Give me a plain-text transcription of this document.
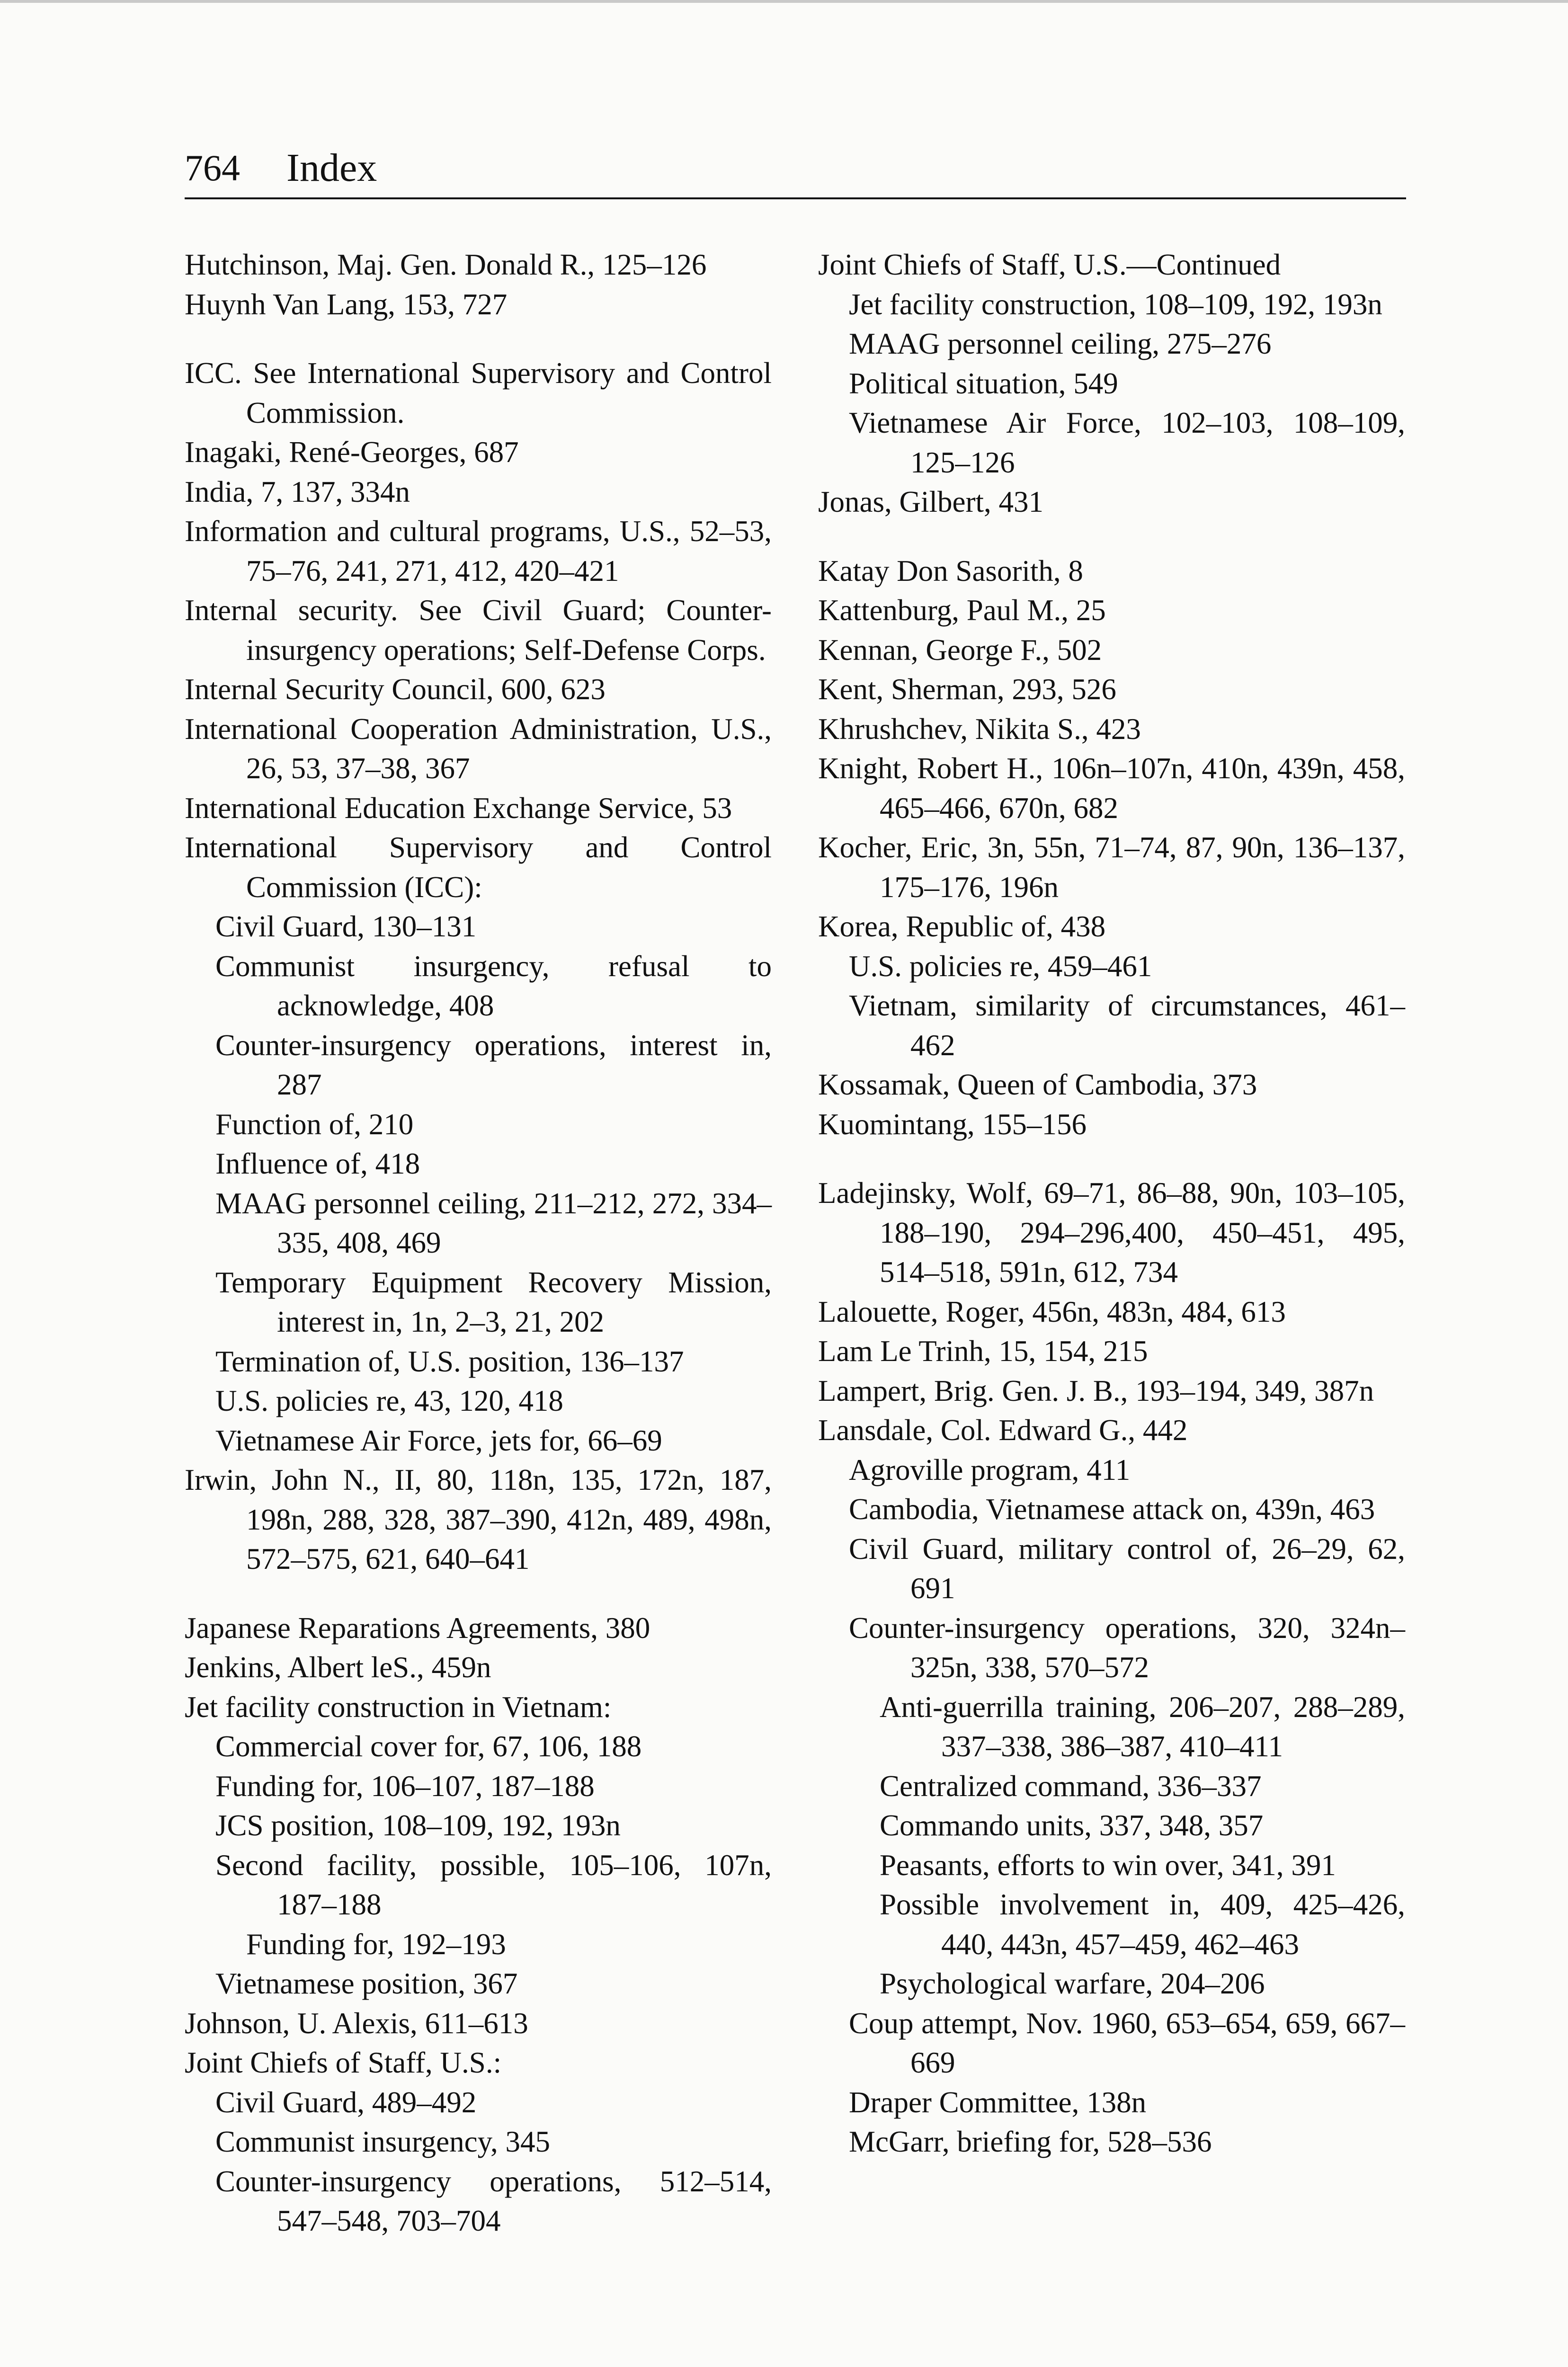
764 Index
Hutchinson, Maj. Gen. Donald R., 125–126
Huynh Van Lang, 153, 727
ICC. See International Supervisory and Control Commission.
Inagaki, René-Georges, 687
India, 7, 137, 334n
Information and cultural programs, U.S., 52–53, 75–76, 241, 271, 412, 420–421
Internal security. See Civil Guard; Counter-insurgency operations; Self-Defense Corps.
Internal Security Council, 600, 623
International Cooperation Administration, U.S., 26, 53, 37–38, 367
International Education Exchange Service, 53
International Supervisory and Control Commission (ICC):
Civil Guard, 130–131
Communist insurgency, refusal to acknowledge, 408
Counter-insurgency operations, interest in, 287
Function of, 210
Influence of, 418
MAAG personnel ceiling, 211–212, 272, 334–335, 408, 469
Temporary Equipment Recovery Mission, interest in, 1n, 2–3, 21, 202
Termination of, U.S. position, 136–137
U.S. policies re, 43, 120, 418
Vietnamese Air Force, jets for, 66–69
Irwin, John N., II, 80, 118n, 135, 172n, 187, 198n, 288, 328, 387–390, 412n, 489, 498n, 572–575, 621, 640–641
Japanese Reparations Agreements, 380
Jenkins, Albert leS., 459n
Jet facility construction in Vietnam:
Commercial cover for, 67, 106, 188
Funding for, 106–107, 187–188
JCS position, 108–109, 192, 193n
Second facility, possible, 105–106, 107n, 187–188
Funding for, 192–193
Vietnamese position, 367
Johnson, U. Alexis, 611–613
Joint Chiefs of Staff, U.S.:
Civil Guard, 489–492
Communist insurgency, 345
Counter-insurgency operations, 512–514, 547–548, 703–704
Joint Chiefs of Staff, U.S.—Continued
Jet facility construction, 108–109, 192, 193n
MAAG personnel ceiling, 275–276
Political situation, 549
Vietnamese Air Force, 102–103, 108–109, 125–126
Jonas, Gilbert, 431
Katay Don Sasorith, 8
Kattenburg, Paul M., 25
Kennan, George F., 502
Kent, Sherman, 293, 526
Khrushchev, Nikita S., 423
Knight, Robert H., 106n–107n, 410n, 439n, 458, 465–466, 670n, 682
Kocher, Eric, 3n, 55n, 71–74, 87, 90n, 136–137, 175–176, 196n
Korea, Republic of, 438
U.S. policies re, 459–461
Vietnam, similarity of circumstances, 461–462
Kossamak, Queen of Cambodia, 373
Kuomintang, 155–156
Ladejinsky, Wolf, 69–71, 86–88, 90n, 103–105, 188–190, 294–296,400, 450–451, 495, 514–518, 591n, 612, 734
Lalouette, Roger, 456n, 483n, 484, 613
Lam Le Trinh, 15, 154, 215
Lampert, Brig. Gen. J. B., 193–194, 349, 387n
Lansdale, Col. Edward G., 442
Agroville program, 411
Cambodia, Vietnamese attack on, 439n, 463
Civil Guard, military control of, 26–29, 62, 691
Counter-insurgency operations, 320, 324n–325n, 338, 570–572
Anti-guerrilla training, 206–207, 288–289, 337–338, 386–387, 410–411
Centralized command, 336–337
Commando units, 337, 348, 357
Peasants, efforts to win over, 341, 391
Possible involvement in, 409, 425–426, 440, 443n, 457–459, 462–463
Psychological warfare, 204–206
Coup attempt, Nov. 1960, 653–654, 659, 667–669
Draper Committee, 138n
McGarr, briefing for, 528–536
